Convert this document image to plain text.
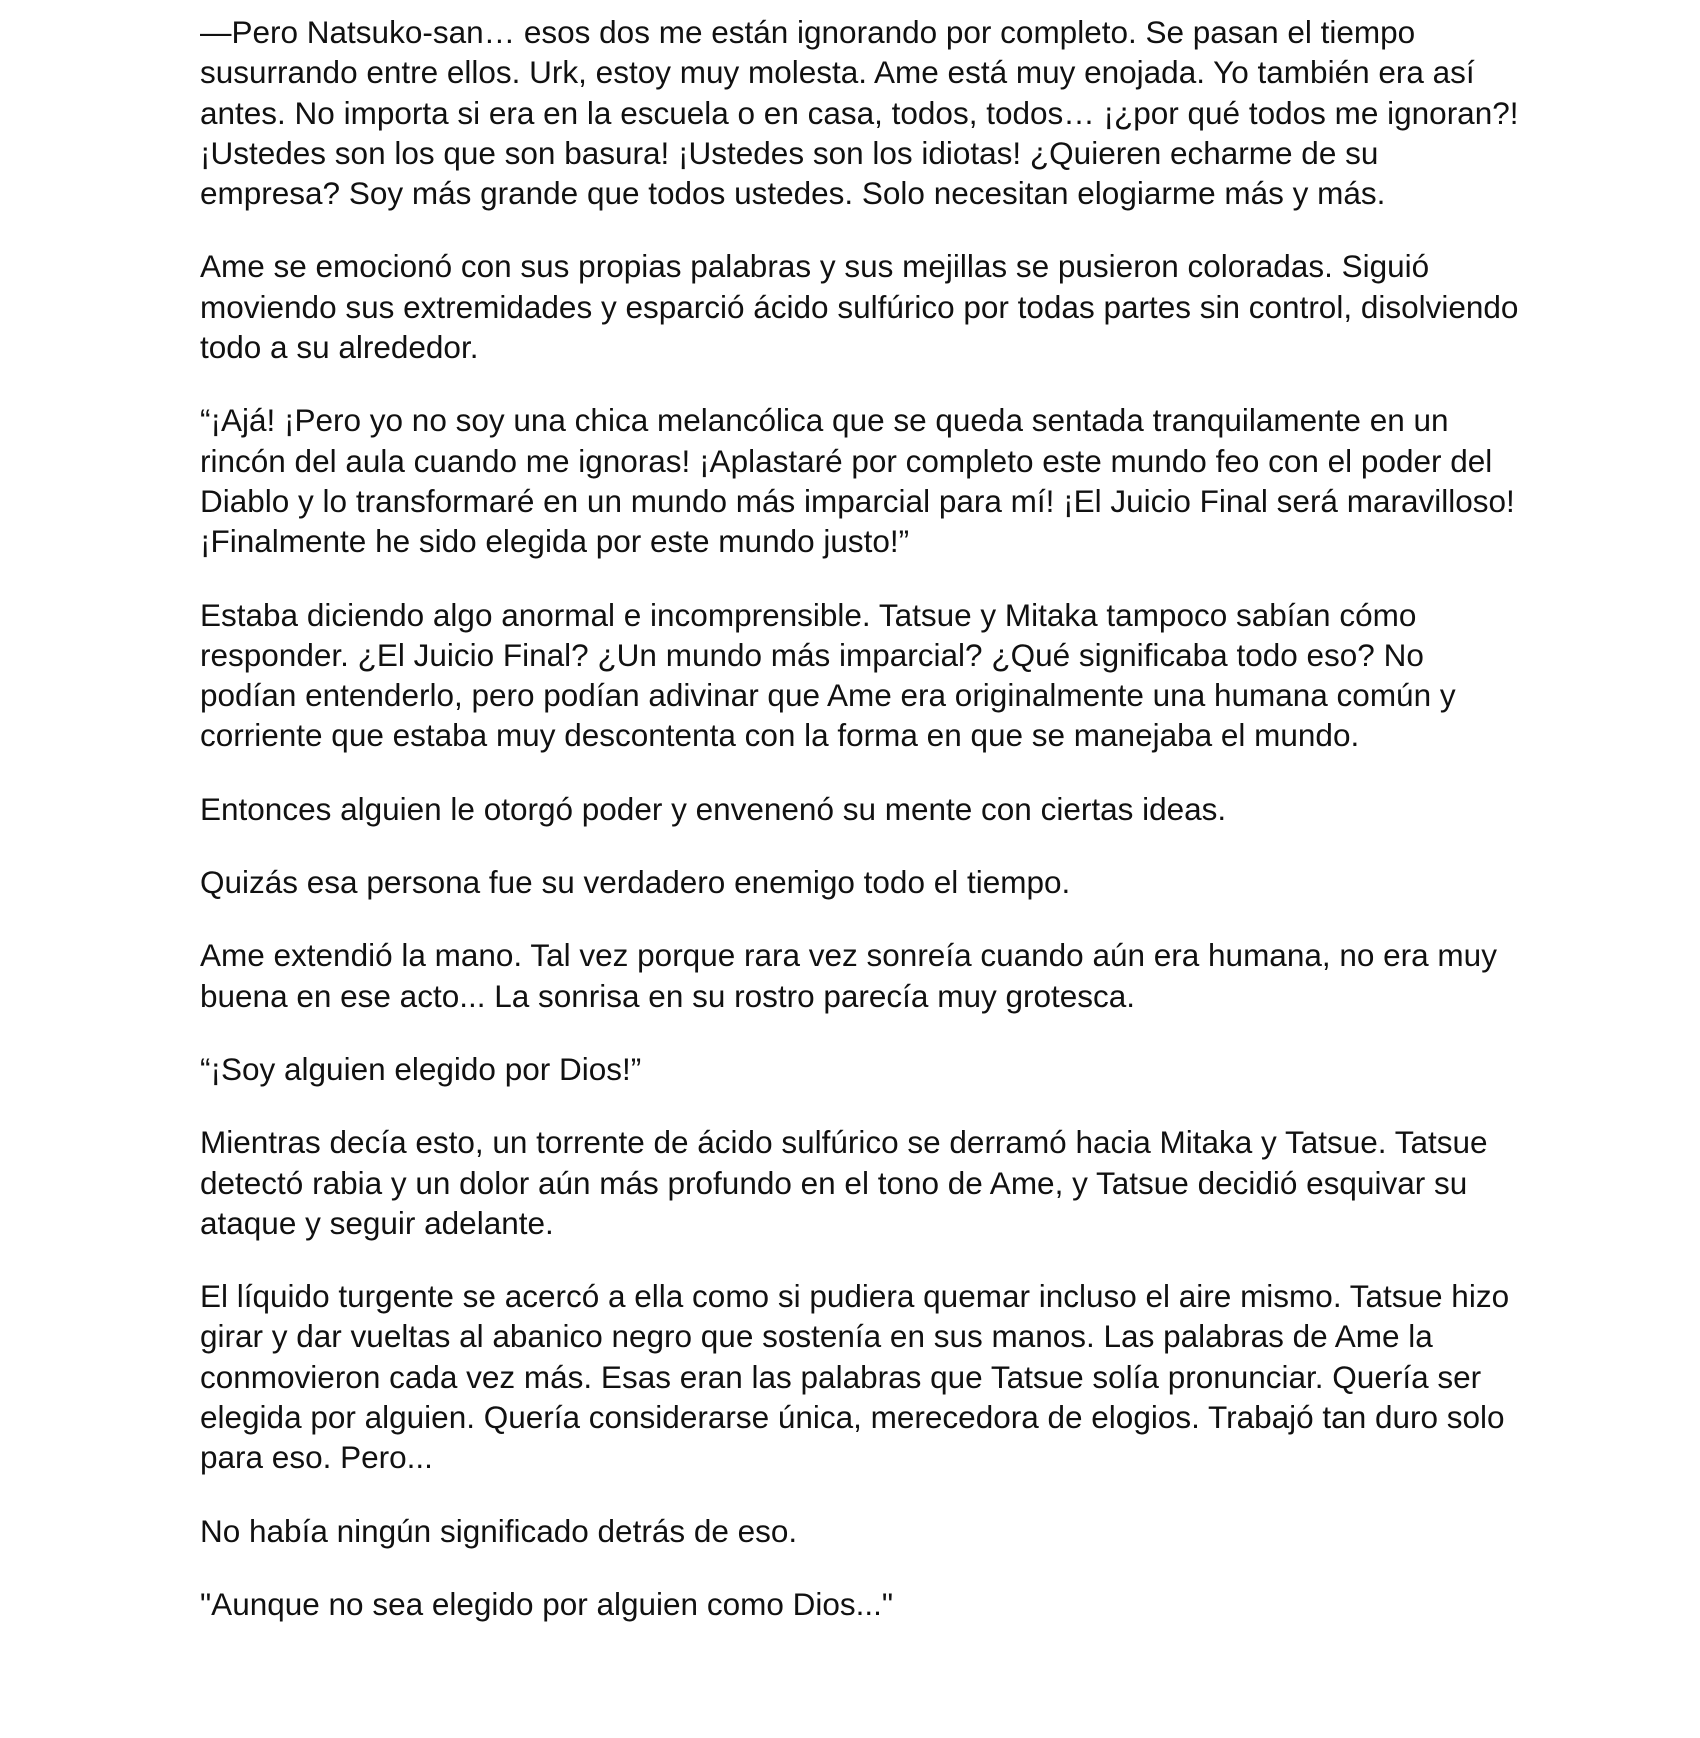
—Pero Natsuko-san… esos dos me están ignorando por completo. Se pasan el tiempo susurrando entre ellos. Urk, estoy muy molesta. Ame está muy enojada. Yo también era así antes. No importa si era en la escuela o en casa, todos, todos… ¡¿por qué todos me ignoran?! ¡Ustedes son los que son basura! ¡Ustedes son los idiotas! ¿Quieren echarme de su empresa? Soy más grande que todos ustedes. Solo necesitan elogiarme más y más.

Ame se emocionó con sus propias palabras y sus mejillas se pusieron coloradas. Siguió moviendo sus extremidades y esparció ácido sulfúrico por todas partes sin control, disolviendo todo a su alrededor.

“¡Ajá! ¡Pero yo no soy una chica melancólica que se queda sentada tranquilamente en un rincón del aula cuando me ignoras! ¡Aplastaré por completo este mundo feo con el poder del Diablo y lo transformaré en un mundo más imparcial para mí! ¡El Juicio Final será maravilloso! ¡Finalmente he sido elegida por este mundo justo!”

Estaba diciendo algo anormal e incomprensible. Tatsue y Mitaka tampoco sabían cómo responder. ¿El Juicio Final? ¿Un mundo más imparcial? ¿Qué significaba todo eso? No podían entenderlo, pero podían adivinar que Ame era originalmente una humana común y corriente que estaba muy descontenta con la forma en que se manejaba el mundo.

Entonces alguien le otorgó poder y envenenó su mente con ciertas ideas.

Quizás esa persona fue su verdadero enemigo todo el tiempo.

Ame extendió la mano. Tal vez porque rara vez sonreía cuando aún era humana, no era muy buena en ese acto... La sonrisa en su rostro parecía muy grotesca.

“¡Soy alguien elegido por Dios!”

Mientras decía esto, un torrente de ácido sulfúrico se derramó hacia Mitaka y Tatsue. Tatsue detectó rabia y un dolor aún más profundo en el tono de Ame, y Tatsue decidió esquivar su ataque y seguir adelante.

El líquido turgente se acercó a ella como si pudiera quemar incluso el aire mismo. Tatsue hizo girar y dar vueltas al abanico negro que sostenía en sus manos. Las palabras de Ame la conmovieron cada vez más. Esas eran las palabras que Tatsue solía pronunciar. Quería ser elegida por alguien. Quería considerarse única, merecedora de elogios. Trabajó tan duro solo para eso. Pero...

No había ningún significado detrás de eso.

"Aunque no sea elegido por alguien como Dios..."
